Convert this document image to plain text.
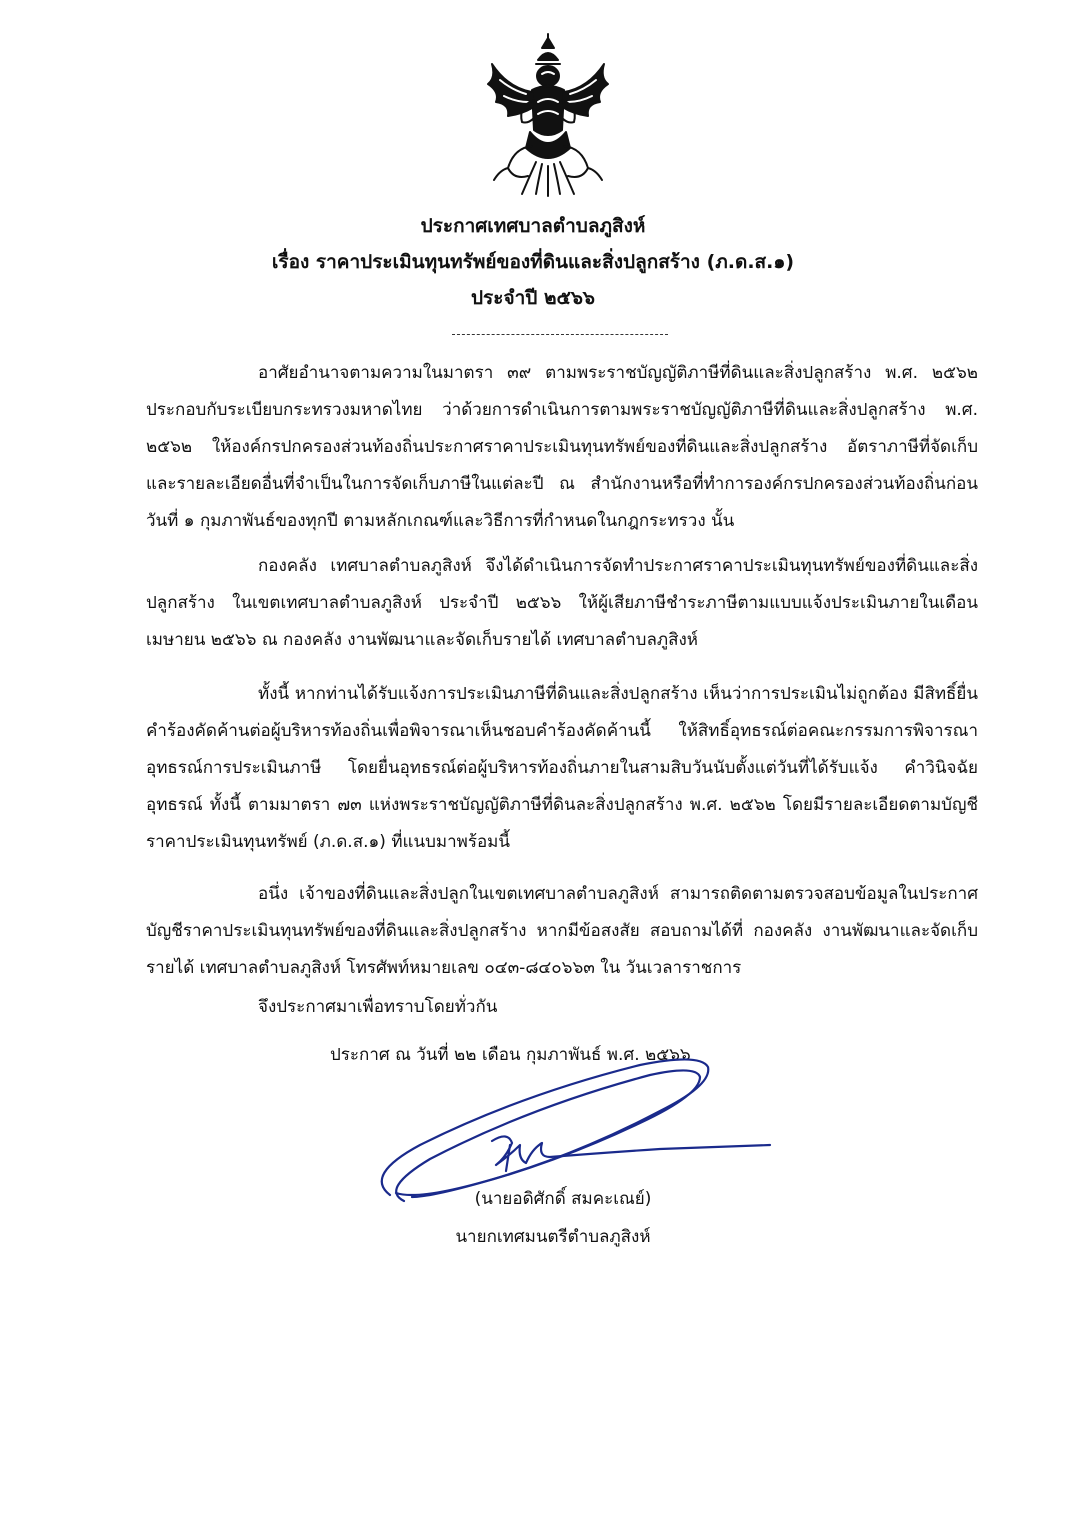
ประกาศเทศบาลตำบลภูสิงห์
เรื่อง ราคาประเมินทุนทรัพย์ของที่ดินและสิ่งปลูกสร้าง (ภ.ด.ส.๑)
ประจำปี ๒๕๖๖

อาศัยอำนาจตามความในมาตรา ๓๙ ตามพระราชบัญญัติภาษีที่ดินและสิ่งปลูกสร้าง พ.ศ. ๒๕๖๒ ประกอบกับระเบียบกระทรวงมหาดไทย ว่าด้วยการดำเนินการตามพระราชบัญญัติภาษีที่ดินและสิ่งปลูกสร้าง พ.ศ. ๒๕๖๒ ให้องค์กรปกครองส่วนท้องถิ่นประกาศราคาประเมินทุนทรัพย์ของที่ดินและสิ่งปลูกสร้าง อัตราภาษีที่จัดเก็บ และรายละเอียดอื่นที่จำเป็นในการจัดเก็บภาษีในแต่ละปี ณ สำนักงานหรือที่ทำการองค์กรปกครองส่วนท้องถิ่นก่อนวันที่ ๑ กุมภาพันธ์ของทุกปี ตามหลักเกณฑ์และวิธีการที่กำหนดในกฎกระทรวง นั้น

กองคลัง เทศบาลตำบลภูสิงห์ จึงได้ดำเนินการจัดทำประกาศราคาประเมินทุนทรัพย์ของที่ดินและสิ่งปลูกสร้าง ในเขตเทศบาลตำบลภูสิงห์ ประจำปี ๒๕๖๖ ให้ผู้เสียภาษีชำระภาษีตามแบบแจ้งประเมินภายในเดือนเมษายน ๒๕๖๖ ณ กองคลัง งานพัฒนาและจัดเก็บรายได้ เทศบาลตำบลภูสิงห์

ทั้งนี้ หากท่านได้รับแจ้งการประเมินภาษีที่ดินและสิ่งปลูกสร้าง เห็นว่าการประเมินไม่ถูกต้อง มีสิทธิ์ยื่นคำร้องคัดค้านต่อผู้บริหารท้องถิ่นเพื่อพิจารณาเห็นชอบคำร้องคัดค้านนี้ ให้สิทธิ์อุทธรณ์ต่อคณะกรรมการพิจารณาอุทธรณ์การประเมินภาษี โดยยื่นอุทธรณ์ต่อผู้บริหารท้องถิ่นภายในสามสิบวันนับตั้งแต่วันที่ได้รับแจ้ง คำวินิจฉัยอุทธรณ์ ทั้งนี้ ตามมาตรา ๗๓ แห่งพระราชบัญญัติภาษีที่ดินละสิ่งปลูกสร้าง พ.ศ. ๒๕๖๒ โดยมีรายละเอียดตามบัญชีราคาประเมินทุนทรัพย์ (ภ.ด.ส.๑) ที่แนบมาพร้อมนี้

อนึ่ง เจ้าของที่ดินและสิ่งปลูกในเขตเทศบาลตำบลภูสิงห์ สามารถติดตามตรวจสอบข้อมูลในประกาศบัญชีราคาประเมินทุนทรัพย์ของที่ดินและสิ่งปลูกสร้าง หากมีข้อสงสัย สอบถามได้ที่ กองคลัง งานพัฒนาและจัดเก็บรายได้ เทศบาลตำบลภูสิงห์ โทรศัพท์หมายเลข ๐๔๓-๘๔๐๖๖๓ ใน วันเวลาราชการ

จึงประกาศมาเพื่อทราบโดยทั่วกัน
ประกาศ ณ วันที่ ๒๒ เดือน กุมภาพันธ์ พ.ศ. ๒๕๖๖
(นายอดิศักดิ์ สมคะเณย์)
นายกเทศมนตรีตำบลภูสิงห์
